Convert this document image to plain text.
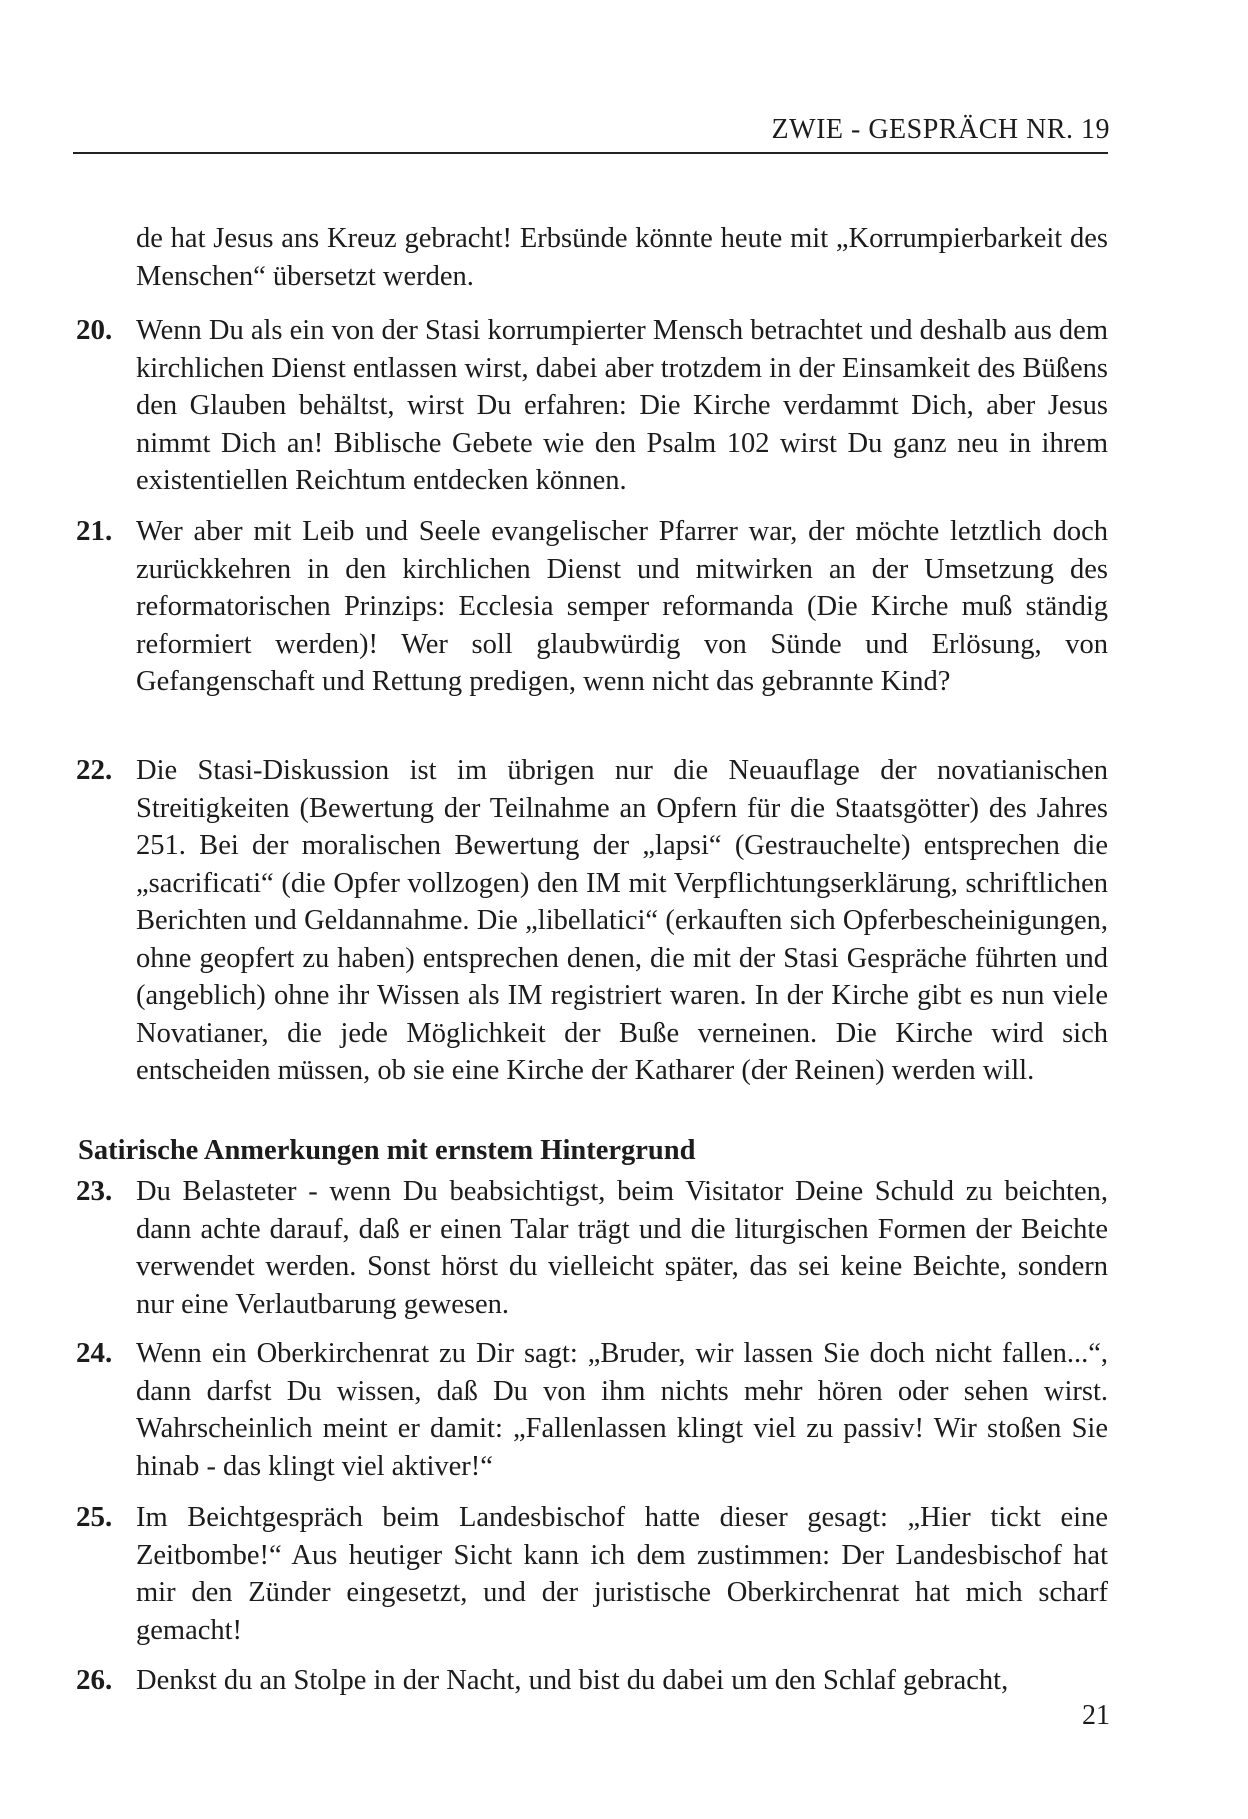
ZWIE - GESPRÄCH NR. 19
de hat Jesus ans Kreuz gebracht! Erbsünde könnte heute mit „Korrumpierbarkeit des Menschen“ übersetzt werden.
20. Wenn Du als ein von der Stasi korrumpierter Mensch betrachtet und deshalb aus dem kirchlichen Dienst entlassen wirst, dabei aber trotzdem in der Einsamkeit des Büßens den Glauben behältst, wirst Du erfahren: Die Kirche verdammt Dich, aber Jesus nimmt Dich an! Biblische Gebete wie den Psalm 102 wirst Du ganz neu in ihrem existentiellen Reichtum entdecken können.
21. Wer aber mit Leib und Seele evangelischer Pfarrer war, der möchte letztlich doch zurückkehren in den kirchlichen Dienst und mitwirken an der Umsetzung des reformatorischen Prinzips: Ecclesia semper reformanda (Die Kirche muß ständig reformiert werden)! Wer soll glaubwürdig von Sünde und Erlösung, von Gefangenschaft und Rettung predigen, wenn nicht das gebrannte Kind?
22. Die Stasi-Diskussion ist im übrigen nur die Neuauflage der novatianischen Streitigkeiten (Bewertung der Teilnahme an Opfern für die Staatsgötter) des Jahres 251. Bei der moralischen Bewertung der „lapsi“ (Gestrauchelte) entsprechen die „sacrificati“ (die Opfer vollzogen) den IM mit Verpflichtungserklärung, schriftlichen Berichten und Geldannahme. Die „libellatici“ (erkauften sich Opferbescheinigungen, ohne geopfert zu haben) entsprechen denen, die mit der Stasi Gespräche führten und (angeblich) ohne ihr Wissen als IM registriert waren. In der Kirche gibt es nun viele Novatianer, die jede Möglichkeit der Buße verneinen. Die Kirche wird sich entscheiden müssen, ob sie eine Kirche der Katharer (der Reinen) werden will.
Satirische Anmerkungen mit ernstem Hintergrund
23. Du Belasteter - wenn Du beabsichtigst, beim Visitator Deine Schuld zu beichten, dann achte darauf, daß er einen Talar trägt und die liturgischen Formen der Beichte verwendet werden. Sonst hörst du vielleicht später, das sei keine Beichte, sondern nur eine Verlautbarung gewesen.
24. Wenn ein Oberkirchenrat zu Dir sagt: „Bruder, wir lassen Sie doch nicht fallen...“, dann darfst Du wissen, daß Du von ihm nichts mehr hören oder sehen wirst. Wahrscheinlich meint er damit: „Fallenlassen klingt viel zu passiv! Wir stoßen Sie hinab - das klingt viel aktiver!“
25. Im Beichtgespräch beim Landesbischof hatte dieser gesagt: „Hier tickt eine Zeitbombe!“ Aus heutiger Sicht kann ich dem zustimmen: Der Landesbischof hat mir den Zünder eingesetzt, und der juristische Oberkirchenrat hat mich scharf gemacht!
26. Denkst du an Stolpe in der Nacht, und bist du dabei um den Schlaf gebracht,
21
